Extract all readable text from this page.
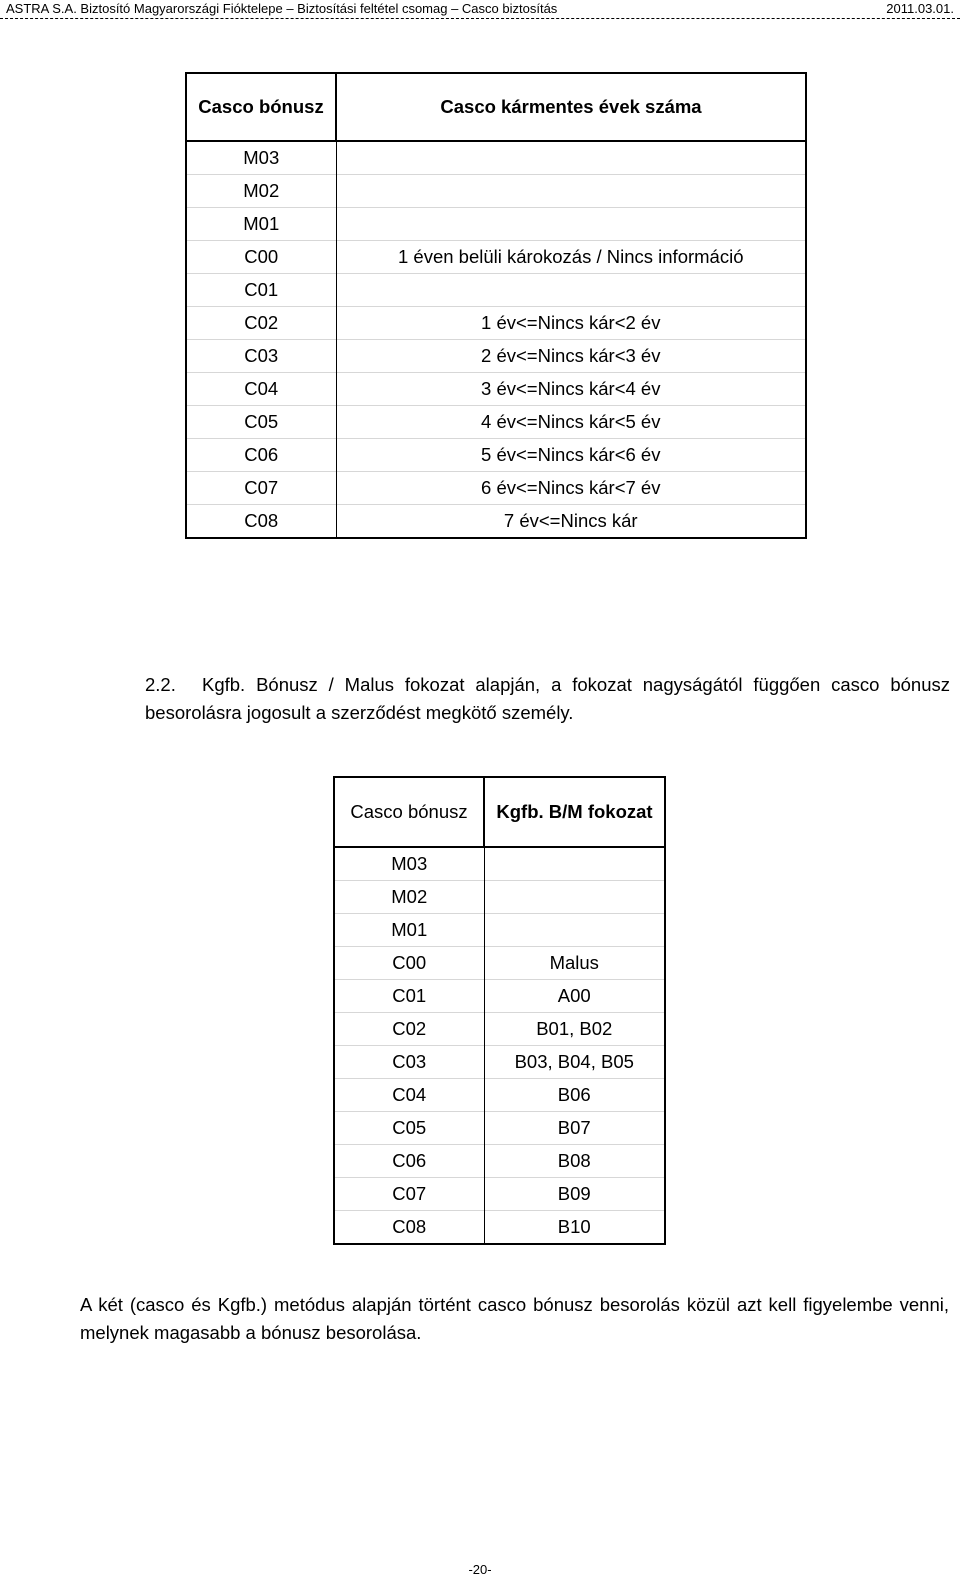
ASTRA S.A. Biztosító Magyarországi Fióktelepe – Biztosítási feltétel csomag – Casco biztosítás	2011.03.01.
Casco bónusz	Casco kármentes évek száma
M03	
M02	
M01	
C00	1 éven belüli károkozás / Nincs információ
C01	
C02	1 év<=Nincs kár<2 év
C03	2 év<=Nincs kár<3 év
C04	3 év<=Nincs kár<4 év
C05	4 év<=Nincs kár<5 év
C06	5 év<=Nincs kár<6 év
C07	6 év<=Nincs kár<7 év
C08	7 év<=Nincs kár
2.2. Kgfb. Bónusz / Malus fokozat alapján, a fokozat nagyságától függően casco bónusz besorolásra jogosult a szerződést megkötő személy.
Casco bónusz	Kgfb. B/M fokozat
M03	
M02	
M01	
C00	Malus
C01	A00
C02	B01, B02
C03	B03, B04, B05
C04	B06
C05	B07
C06	B08
C07	B09
C08	B10
A két (casco és Kgfb.) metódus alapján történt casco bónusz besorolás közül azt kell figyelembe venni, melynek magasabb a bónusz besorolása.
-20-
